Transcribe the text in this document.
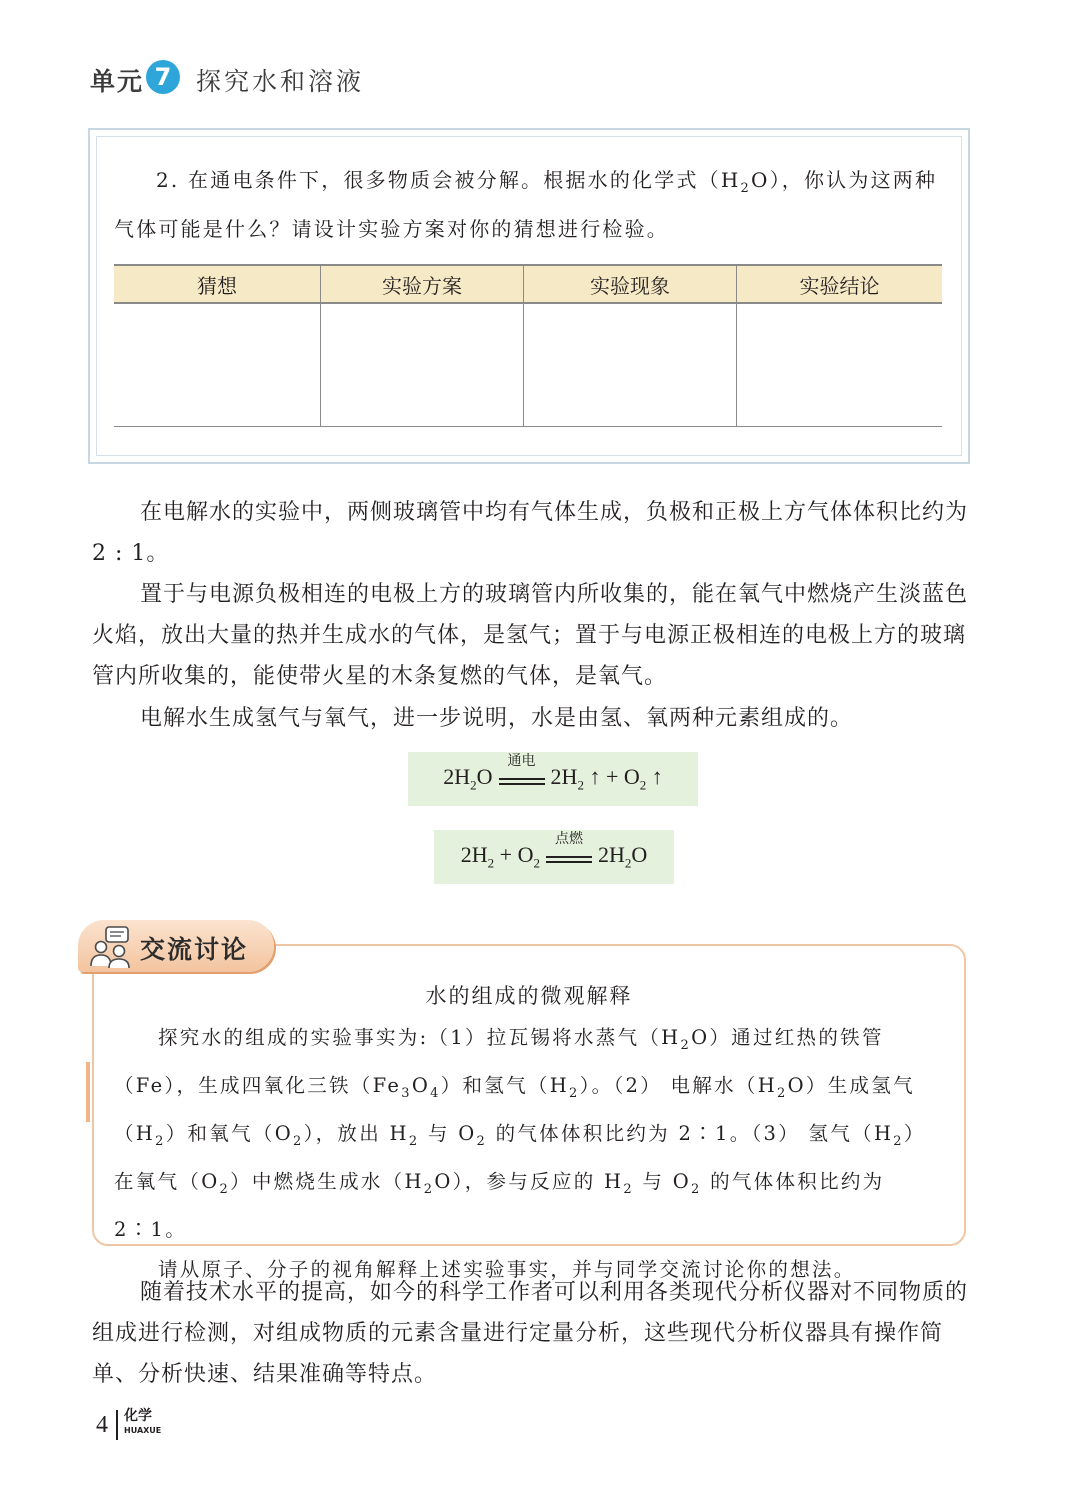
单元 7 探究水和溶液
2. 在通电条件下，很多物质会被分解。根据水的化学式$(H_2O)$，你认为这两种气体可能是什么？请设计实验方案对你的猜想进行检验。
猜想	实验方案	实验现象	实验结论

在电解水的实验中，两侧玻璃管中均有气体生成，负极和正极上方气体体积比约为 2 : 1。
置于与电源负极相连的电极上方的玻璃管内所收集的，能在氧气中燃烧产生淡蓝色火焰，放出大量的热并生成水的气体，是氢气；置于与电源正极相连的电极上方的玻璃管内所收集的，能使带火星的木条复燃的气体，是氧气。
电解水生成氢气与氧气，进一步说明，水是由氢、氧两种元素组成的。
$2H_2O$
通电
$2H_2$ ↑ + $O_2$ ↑
$2H_2 + O_2$
点燃
$2H_2O$
交流讨论
水的组成的微观解释

探究水的组成的实验事实为:（1）拉瓦锡将水蒸气$(H_2O)$通过红热的铁管（Fe），生成四氧化三铁$(Fe_3O_4)$和氢气$(H_2)$。（2） 电解水$(H_2O)$生成氢气$(H_2)$和氧气$(O_2)$，放出 $H_2$ 与 $O_2$ 的气体体积比约为 2∶1。（3） 氢气$(H_2)$在氧气$(O_2)$中燃烧生成水$(H_2O)$，参与反应的 $H_2$ 与 $O_2$ 的气体体积比约为 2∶1。

请从原子、分子的视角解释上述实验事实，并与同学交流讨论你的想法。

随着技术水平的提高，如今的科学工作者可以利用各类现代分析仪器对不同物质的组成进行检测，对组成物质的元素含量进行定量分析，这些现代分析仪器具有操作简单、分析快速、结果准确等特点。
4 化学
HUAXUE
